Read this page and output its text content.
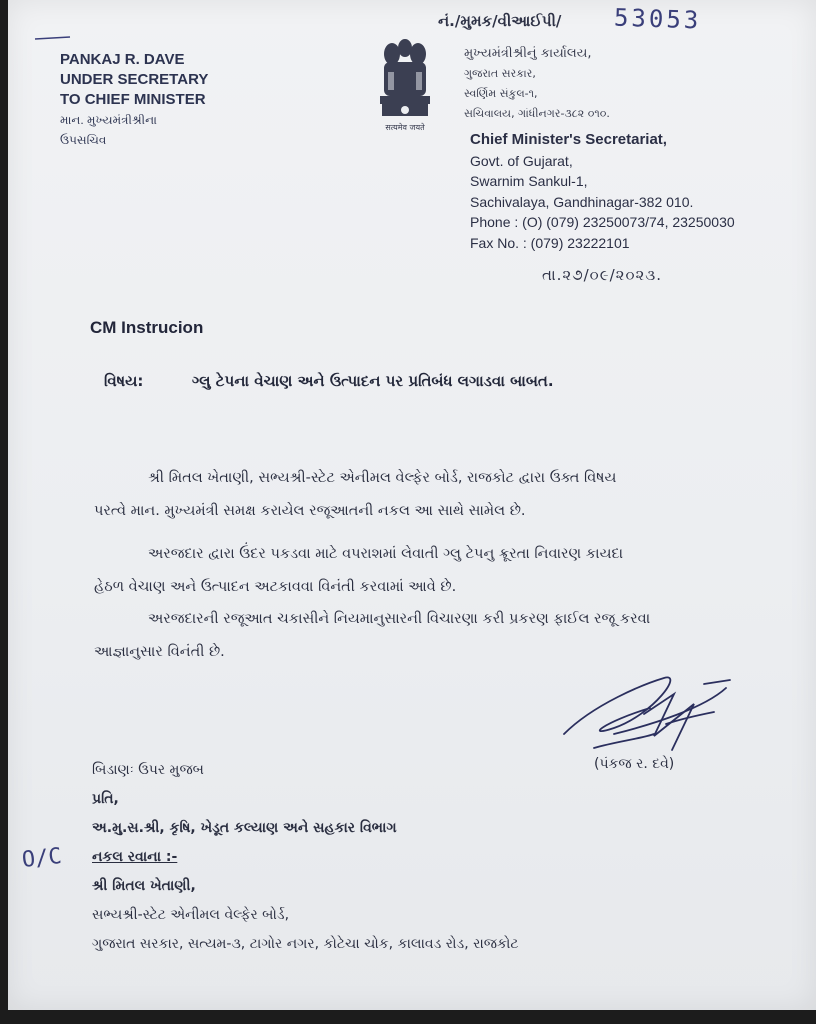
PANKAJ R. DAVE
UNDER SECRETARY
TO CHIEF MINISTER
માન. મુખ્યમંત્રીશ્રીના
ઉપસચિવ
નં./મુમક/વીઆઈપી/ 53053
सत्यमेव जयते
મુખ્યમંત્રીશ્રીનું કાર્યાલય,
ગુજરાત સરકાર,
સ્વર્ણિમ સંકુલ-૧,
સચિવાલય, ગાંધીનગર-૩૮૨ ૦૧૦.
Chief Minister's Secretariat,
Govt. of Gujarat,
Swarnim Sankul-1,
Sachivalaya, Gandhinagar-382 010.
Phone : (O) (079) 23250073/74, 23250030
Fax No. : (079) 23222101
તા.૨૭/૦૯/૨૦૨૩.
CM Instrucion
વિષય:	ગ્લુ ટેપના વેચાણ અને ઉત્પાદન પર પ્રતિબંધ લગાડવા બાબત.
શ્રી મિતલ ખેતાણી, સભ્યશ્રી-સ્ટેટ એનીમલ વેલ્ફેર બોર્ડ, રાજકોટ દ્વારા ઉક્ત વિષય
પરત્વે માન. મુખ્યમંત્રી સમક્ષ કરાયેલ રજૂઆતની નકલ આ સાથે સામેલ છે.
અરજદાર દ્વારા ઉંદર પકડવા માટે વપરાશમાં લેવાતી ગ્લુ ટેપનુ ક્રૂરતા નિવારણ કાયદા
હેઠળ વેચાણ અને ઉત્પાદન અટકાવવા વિનંતી કરવામાં આવે છે.
અરજદારની રજૂઆત ચકાસીને નિયમાનુસારની વિચારણા કરી પ્રકરણ ફાઈલ રજૂ કરવા
આજ્ઞાનુસાર વિનંતી છે.
(પંકજ ર. દવે)
બિડાણઃ ઉપર મુજબ
પ્રતિ,
અ.મુ.સ.શ્રી, કૃષિ, ખેડૂત કલ્યાણ અને સહકાર વિભાગ
નકલ રવાના :-
શ્રી મિતલ ખેતાણી,
સભ્યશ્રી-સ્ટેટ એનીમલ વેલ્ફેર બોર્ડ,
ગુજરાત સરકાર, સત્યમ-૩, ટાગોર નગર, કોટેચા ચોક, કાલાવડ રોડ, રાજકોટ
O/C
